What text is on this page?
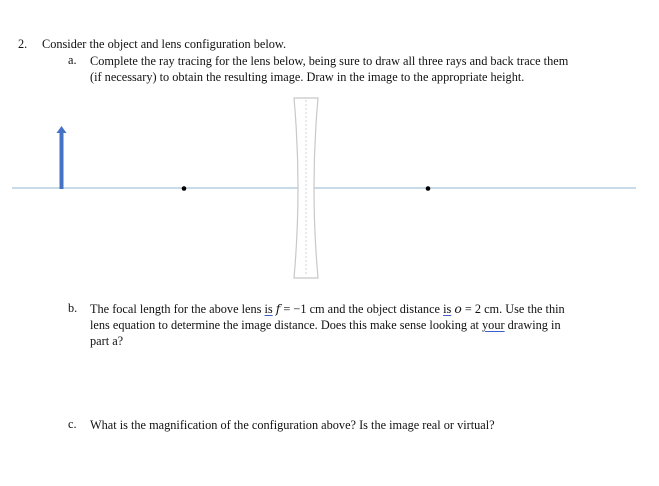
2. Consider the object and lens configuration below.
a. Complete the ray tracing for the lens below, being sure to draw all three rays and back trace them
(if necessary) to obtain the resulting image. Draw in the image to the appropriate height.
b. The focal length for the above lens is f = −1 cm and the object distance is o = 2 cm. Use the thin
lens equation to determine the image distance. Does this make sense looking at your drawing in
part a?
c. What is the magnification of the configuration above? Is the image real or virtual?
